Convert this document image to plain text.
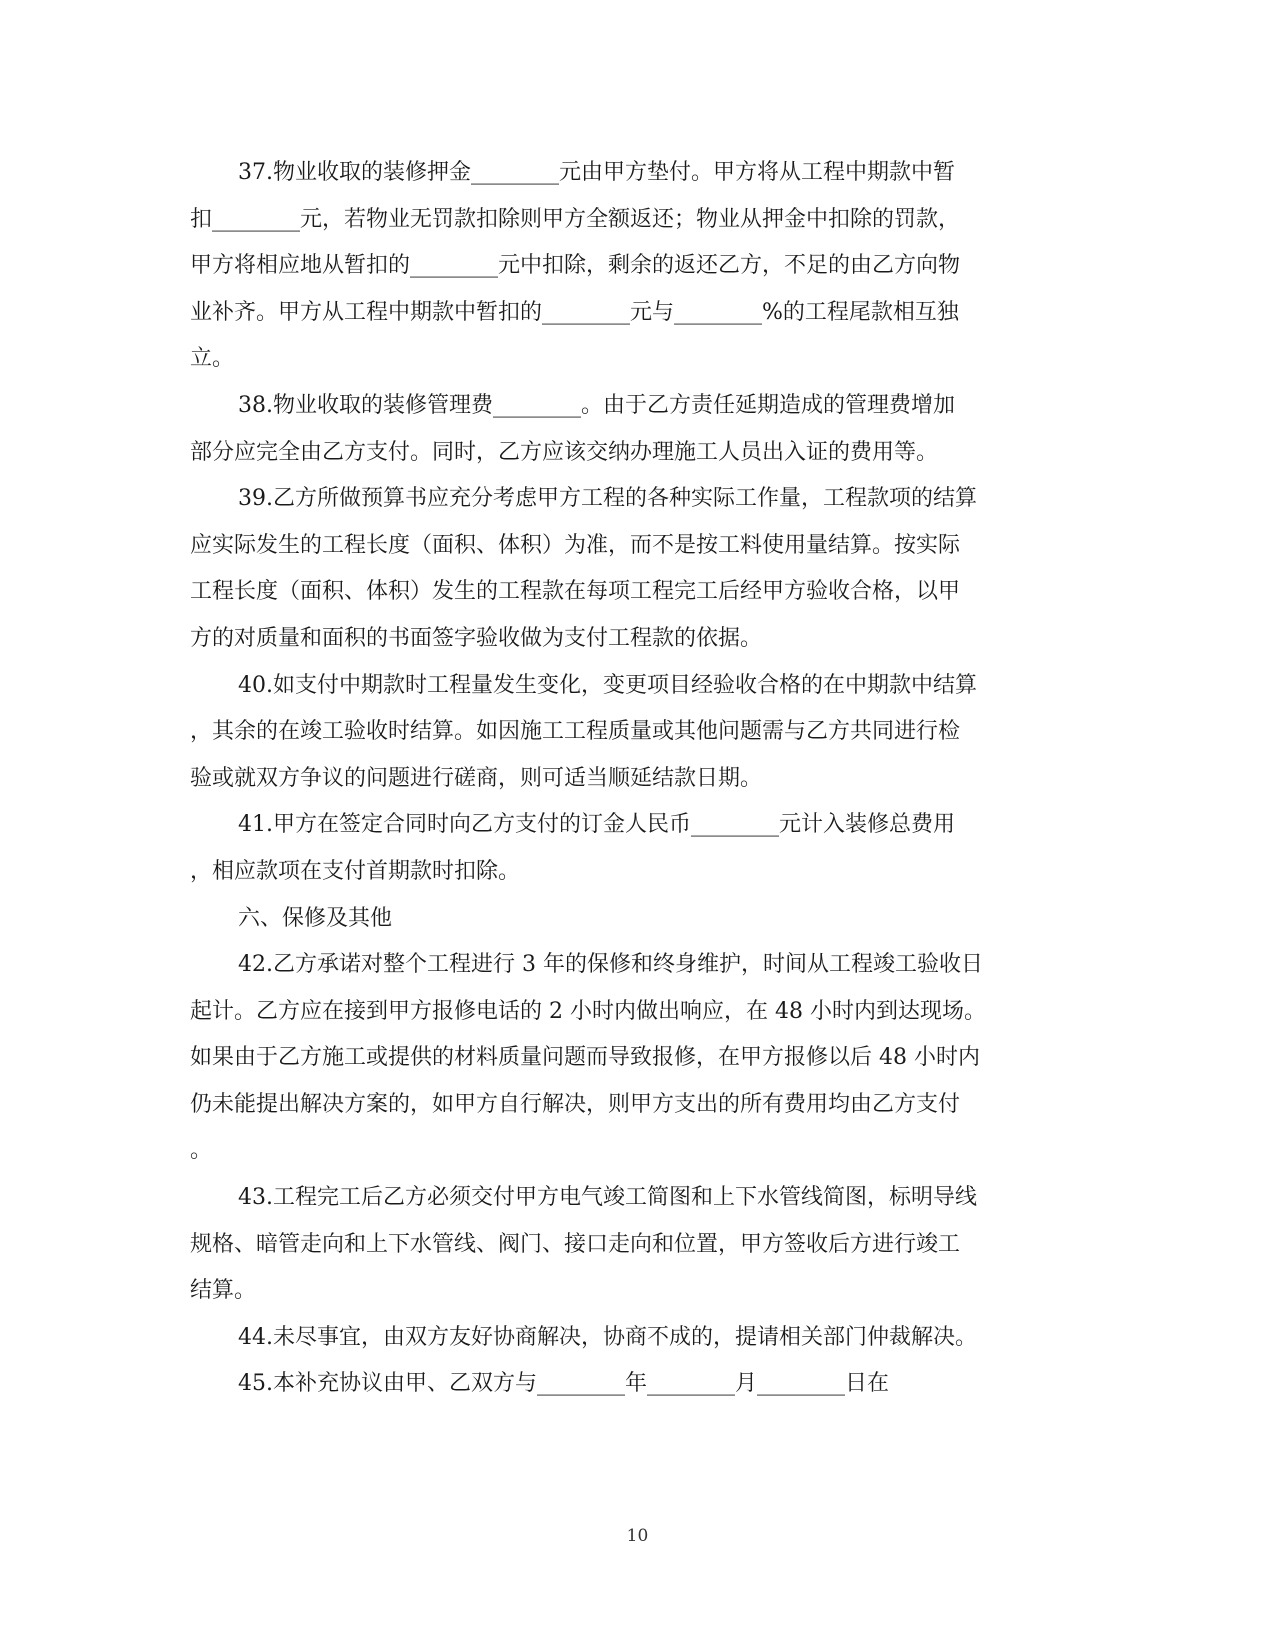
37.物业收取的装修押金________元由甲方垫付。甲方将从工程中期款中暂
扣________元，若物业无罚款扣除则甲方全额返还；物业从押金中扣除的罚款，
甲方将相应地从暂扣的________元中扣除，剩余的返还乙方，不足的由乙方向物
业补齐。甲方从工程中期款中暂扣的________元与________%的工程尾款相互独
立。
38.物业收取的装修管理费________。由于乙方责任延期造成的管理费增加
部分应完全由乙方支付。同时，乙方应该交纳办理施工人员出入证的费用等。
39.乙方所做预算书应充分考虑甲方工程的各种实际工作量，工程款项的结算
应实际发生的工程长度（面积、体积）为准，而不是按工料使用量结算。按实际
工程长度（面积、体积）发生的工程款在每项工程完工后经甲方验收合格，以甲
方的对质量和面积的书面签字验收做为支付工程款的依据。
40.如支付中期款时工程量发生变化，变更项目经验收合格的在中期款中结算
，其余的在竣工验收时结算。如因施工工程质量或其他问题需与乙方共同进行检
验或就双方争议的问题进行磋商，则可适当顺延结款日期。
41.甲方在签定合同时向乙方支付的订金人民币________元计入装修总费用
，相应款项在支付首期款时扣除。
六、保修及其他
42.乙方承诺对整个工程进行 3 年的保修和终身维护，时间从工程竣工验收日
起计。乙方应在接到甲方报修电话的 2 小时内做出响应，在 48 小时内到达现场。
如果由于乙方施工或提供的材料质量问题而导致报修，在甲方报修以后 48 小时内
仍未能提出解决方案的，如甲方自行解决，则甲方支出的所有费用均由乙方支付
。
43.工程完工后乙方必须交付甲方电气竣工简图和上下水管线简图，标明导线
规格、暗管走向和上下水管线、阀门、接口走向和位置，甲方签收后方进行竣工
结算。
44.未尽事宜，由双方友好协商解决，协商不成的，提请相关部门仲裁解决。
45.本补充协议由甲、乙双方与________年________月________日在
10
